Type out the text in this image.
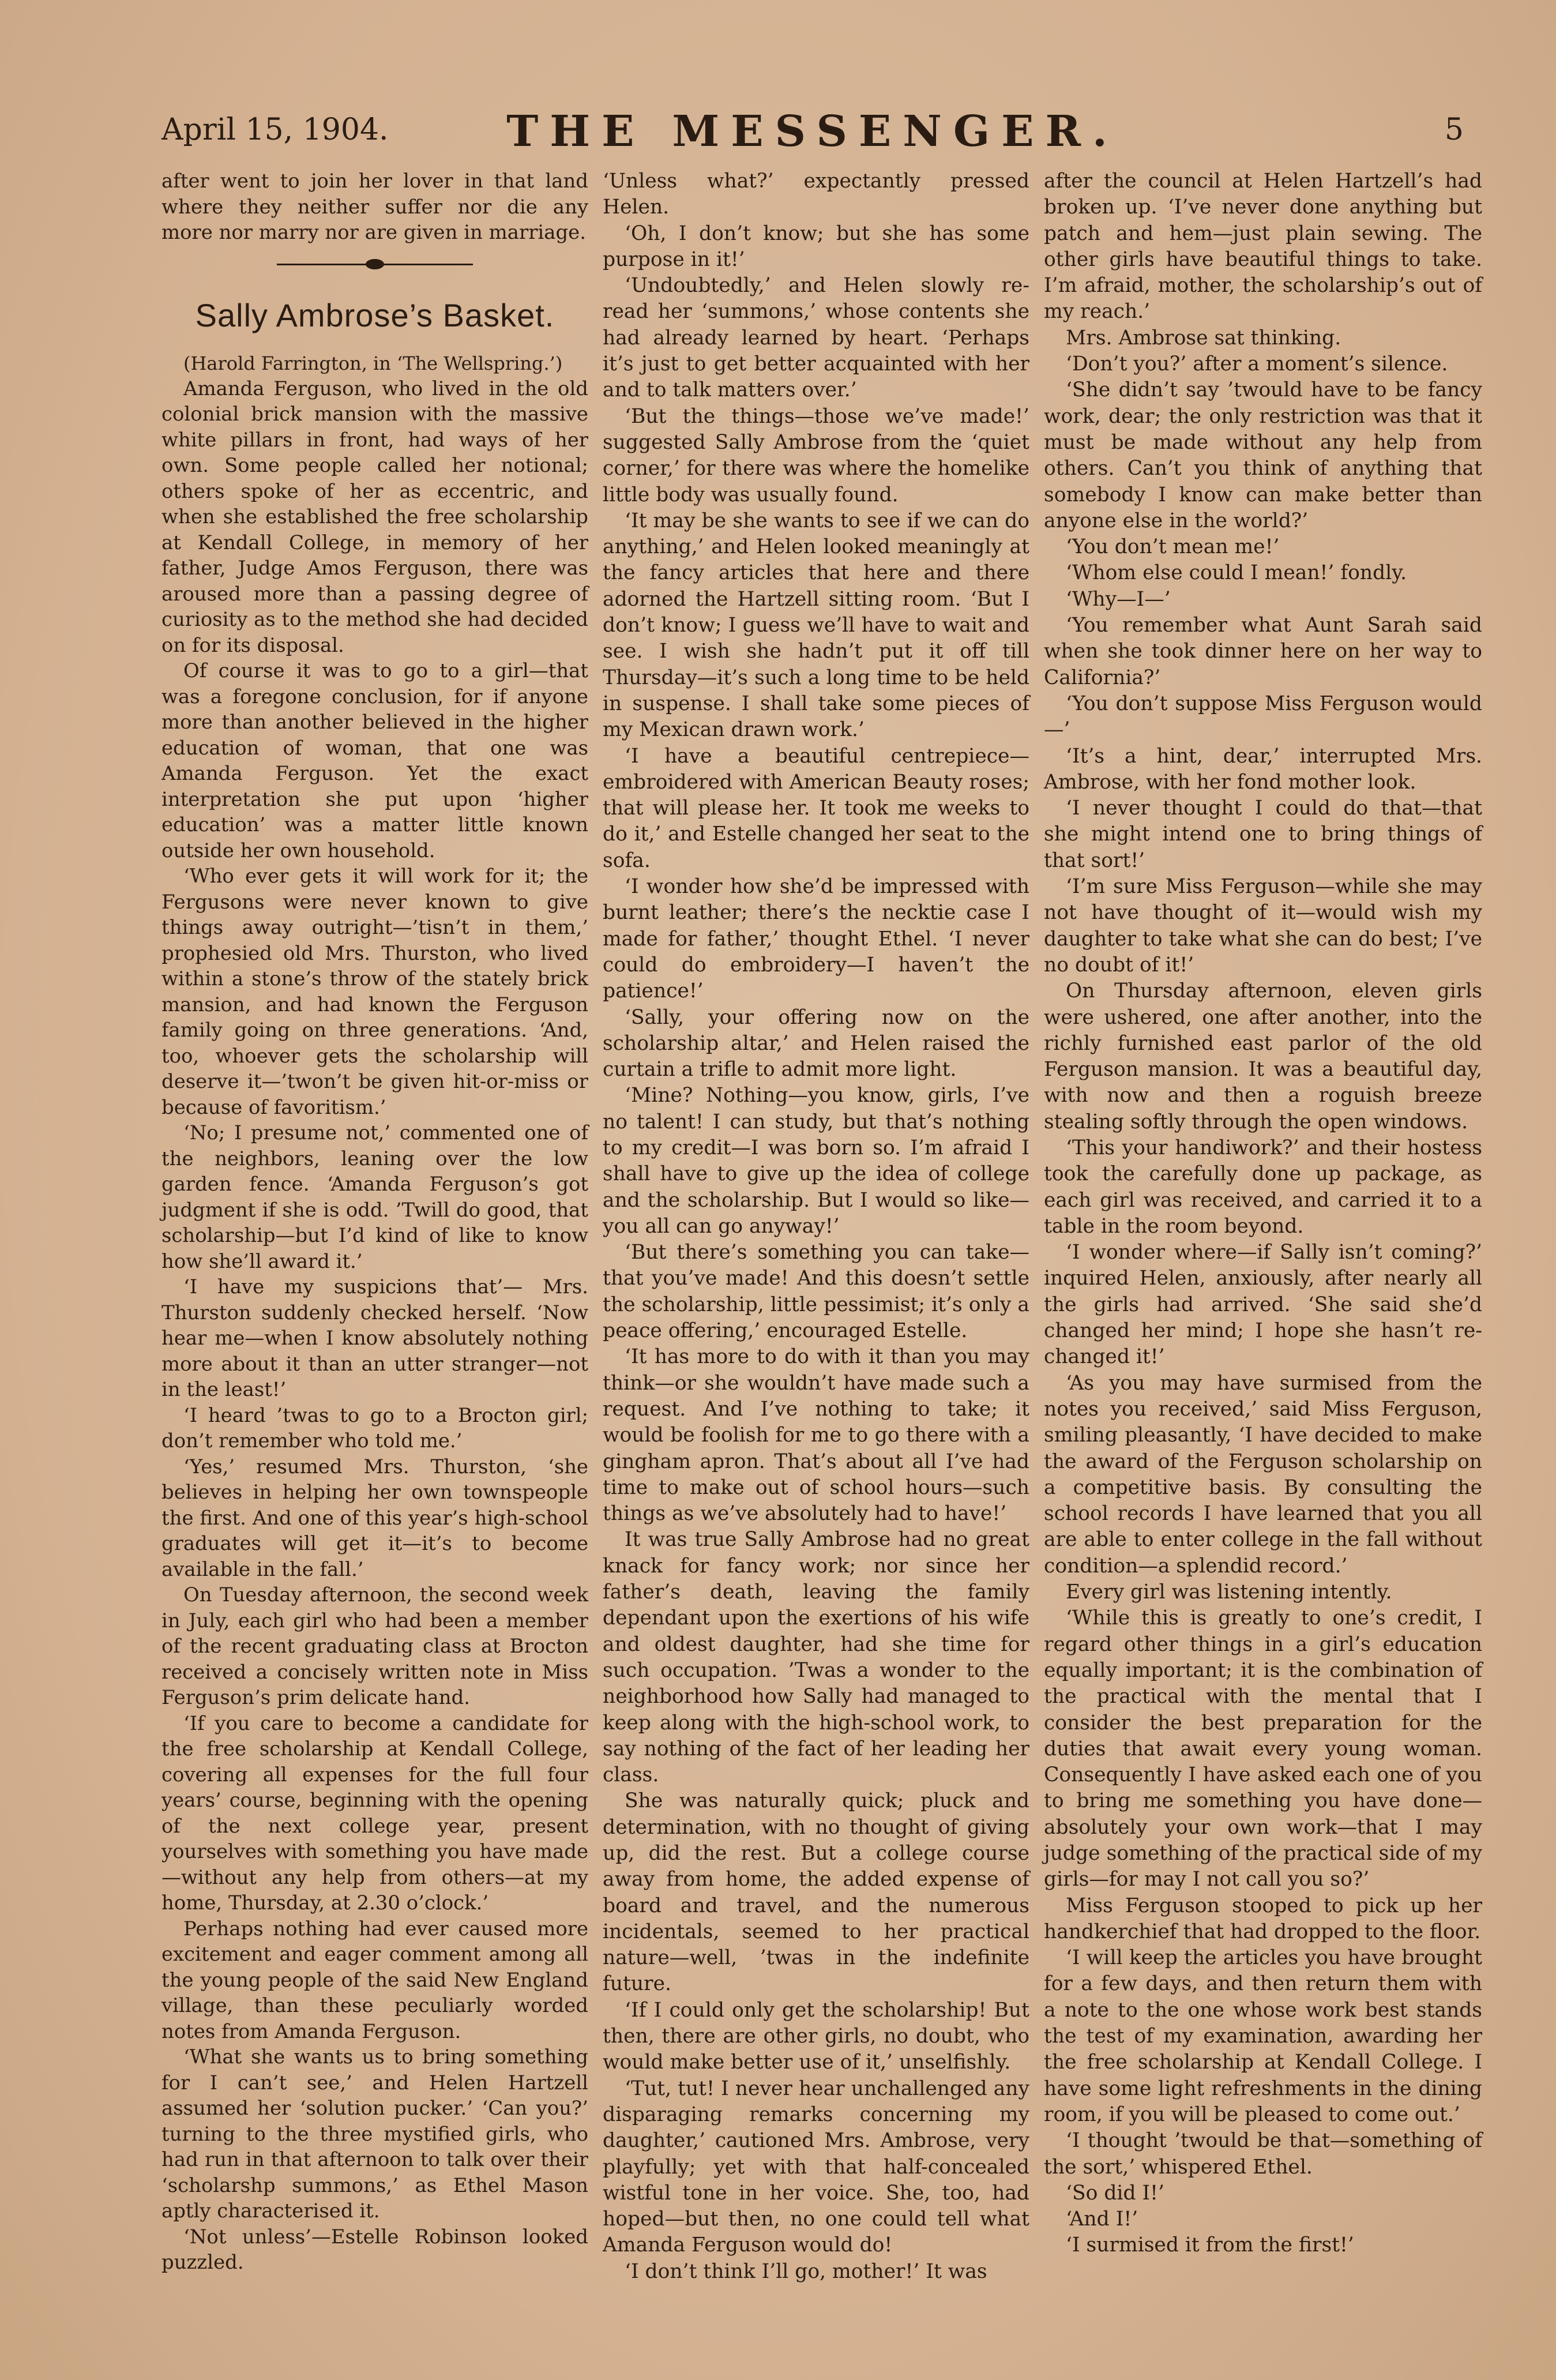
April 15, 1904.	THE MESSENGER.	5

after went to join her lover in that land where they neither suffer nor die any more nor marry nor are given in marriage.

Sally Ambrose’s Basket.

(Harold Farrington, in ‘The Wellspring.’)

Amanda Ferguson, who lived in the old colonial brick mansion with the massive white pillars in front, had ways of her own. Some people called her notional; others spoke of her as eccentric, and when she established the free scholarship at Kendall College, in memory of her father, Judge Amos Ferguson, there was aroused more than a passing degree of curiosity as to the method she had decided on for its disposal.

Of course it was to go to a girl—that was a foregone conclusion, for if anyone more than another believed in the higher education of woman, that one was Amanda Ferguson. Yet the exact interpretation she put upon ‘higher education’ was a matter little known outside her own household.

‘Who ever gets it will work for it; the Fergusons were never known to give things away outright—’tisn’t in them,’ prophesied old Mrs. Thurston, who lived within a stone’s throw of the stately brick mansion, and had known the Ferguson family going on three generations. ‘And, too, whoever gets the scholarship will deserve it—’twon’t be given hit-or-miss or because of favoritism.’

‘No; I presume not,’ commented one of the neighbors, leaning over the low garden fence. ‘Amanda Ferguson’s got judgment if she is odd. ’Twill do good, that scholarship—but I’d kind of like to know how she’ll award it.’

‘I have my suspicions that’— Mrs. Thurston suddenly checked herself. ‘Now hear me—when I know absolutely nothing more about it than an utter stranger—not in the least!’

‘I heard ’twas to go to a Brocton girl; don’t remember who told me.’

‘Yes,’ resumed Mrs. Thurston, ‘she believes in helping her own townspeople the first. And one of this year’s high-school graduates will get it—it’s to become available in the fall.’

On Tuesday afternoon, the second week in July, each girl who had been a member of the recent graduating class at Brocton received a concisely written note in Miss Ferguson’s prim delicate hand.

‘If you care to become a candidate for the free scholarship at Kendall College, covering all expenses for the full four years’ course, beginning with the opening of the next college year, present yourselves with something you have made—without any help from others—at my home, Thursday, at 2.30 o’clock.’

Perhaps nothing had ever caused more excitement and eager comment among all the young people of the said New England village, than these peculiarly worded notes from Amanda Ferguson.

‘What she wants us to bring something for I can’t see,’ and Helen Hartzell assumed her ‘solution pucker.’ ‘Can you?’ turning to the three mystified girls, who had run in that afternoon to talk over their ‘scholarshp summons,’ as Ethel Mason aptly characterised it.

‘Not unless’—Estelle Robinson looked puzzled.

‘Unless what?’ expectantly pressed Helen.

‘Oh, I don’t know; but she has some purpose in it!’

‘Undoubtedly,’ and Helen slowly re-read her ‘summons,’ whose contents she had already learned by heart. ‘Perhaps it’s just to get better acquainted with her and to talk matters over.’

‘But the things—those we’ve made!’ suggested Sally Ambrose from the ‘quiet corner,’ for there was where the homelike little body was usually found.

‘It may be she wants to see if we can do anything,’ and Helen looked meaningly at the fancy articles that here and there adorned the Hartzell sitting room. ‘But I don’t know; I guess we’ll have to wait and see. I wish she hadn’t put it off till Thursday—it’s such a long time to be held in suspense. I shall take some pieces of my Mexican drawn work.’

‘I have a beautiful centrepiece—embroidered with American Beauty roses; that will please her. It took me weeks to do it,’ and Estelle changed her seat to the sofa.

‘I wonder how she’d be impressed with burnt leather; there’s the necktie case I made for father,’ thought Ethel. ‘I never could do embroidery—I haven’t the patience!’

‘Sally, your offering now on the scholarship altar,’ and Helen raised the curtain a trifle to admit more light.

‘Mine? Nothing—you know, girls, I’ve no talent! I can study, but that’s nothing to my credit—I was born so. I’m afraid I shall have to give up the idea of college and the scholarship. But I would so like—you all can go anyway!’

‘But there’s something you can take—that you’ve made! And this doesn’t settle the scholarship, little pessimist; it’s only a peace offering,’ encouraged Estelle.

‘It has more to do with it than you may think—or she wouldn’t have made such a request. And I’ve nothing to take; it would be foolish for me to go there with a gingham apron. That’s about all I’ve had time to make out of school hours—such things as we’ve absolutely had to have!’

It was true Sally Ambrose had no great knack for fancy work; nor since her father’s death, leaving the family dependant upon the exertions of his wife and oldest daughter, had she time for such occupation. ’Twas a wonder to the neighborhood how Sally had managed to keep along with the high-school work, to say nothing of the fact of her leading her class.

She was naturally quick; pluck and determination, with no thought of giving up, did the rest. But a college course away from home, the added expense of board and travel, and the numerous incidentals, seemed to her practical nature—well, ’twas in the indefinite future.

‘If I could only get the scholarship! But then, there are other girls, no doubt, who would make better use of it,’ unselfishly.

‘Tut, tut! I never hear unchallenged any disparaging remarks concerning my daughter,’ cautioned Mrs. Ambrose, very playfully; yet with that half-concealed wistful tone in her voice. She, too, had hoped—but then, no one could tell what Amanda Ferguson would do!

‘I don’t think I’ll go, mother!’ It was

after the council at Helen Hartzell’s had broken up. ‘I’ve never done anything but patch and hem—just plain sewing. The other girls have beautiful things to take. I’m afraid, mother, the scholarship’s out of my reach.’

Mrs. Ambrose sat thinking.

‘Don’t you?’ after a moment’s silence.

‘She didn’t say ’twould have to be fancy work, dear; the only restriction was that it must be made without any help from others. Can’t you think of anything that somebody I know can make better than anyone else in the world?’

‘You don’t mean me!’

‘Whom else could I mean!’ fondly.

‘Why—I—’

‘You remember what Aunt Sarah said when she took dinner here on her way to California?’

‘You don’t suppose Miss Ferguson would—’

‘It’s a hint, dear,’ interrupted Mrs. Ambrose, with her fond mother look.

‘I never thought I could do that—that she might intend one to bring things of that sort!’

‘I’m sure Miss Ferguson—while she may not have thought of it—would wish my daughter to take what she can do best; I’ve no doubt of it!’

On Thursday afternoon, eleven girls were ushered, one after another, into the richly furnished east parlor of the old Ferguson mansion. It was a beautiful day, with now and then a roguish breeze stealing softly through the open windows.

‘This your handiwork?’ and their hostess took the carefully done up package, as each girl was received, and carried it to a table in the room beyond.

‘I wonder where—if Sally isn’t coming?’ inquired Helen, anxiously, after nearly all the girls had arrived. ‘She said she’d changed her mind; I hope she hasn’t re-changed it!’

‘As you may have surmised from the notes you received,’ said Miss Ferguson, smiling pleasantly, ‘I have decided to make the award of the Ferguson scholarship on a competitive basis. By consulting the school records I have learned that you all are able to enter college in the fall without condition—a splendid record.’

Every girl was listening intently.

‘While this is greatly to one’s credit, I regard other things in a girl’s education equally important; it is the combination of the practical with the mental that I consider the best preparation for the duties that await every young woman. Consequently I have asked each one of you to bring me something you have done—absolutely your own work—that I may judge something of the practical side of my girls—for may I not call you so?’

Miss Ferguson stooped to pick up her handkerchief that had dropped to the floor.

‘I will keep the articles you have brought for a few days, and then return them with a note to the one whose work best stands the test of my examination, awarding her the free scholarship at Kendall College. I have some light refreshments in the dining room, if you will be pleased to come out.’

‘I thought ’twould be that—something of the sort,’ whispered Ethel.

‘So did I!’

‘And I!’

‘I surmised it from the first!’
